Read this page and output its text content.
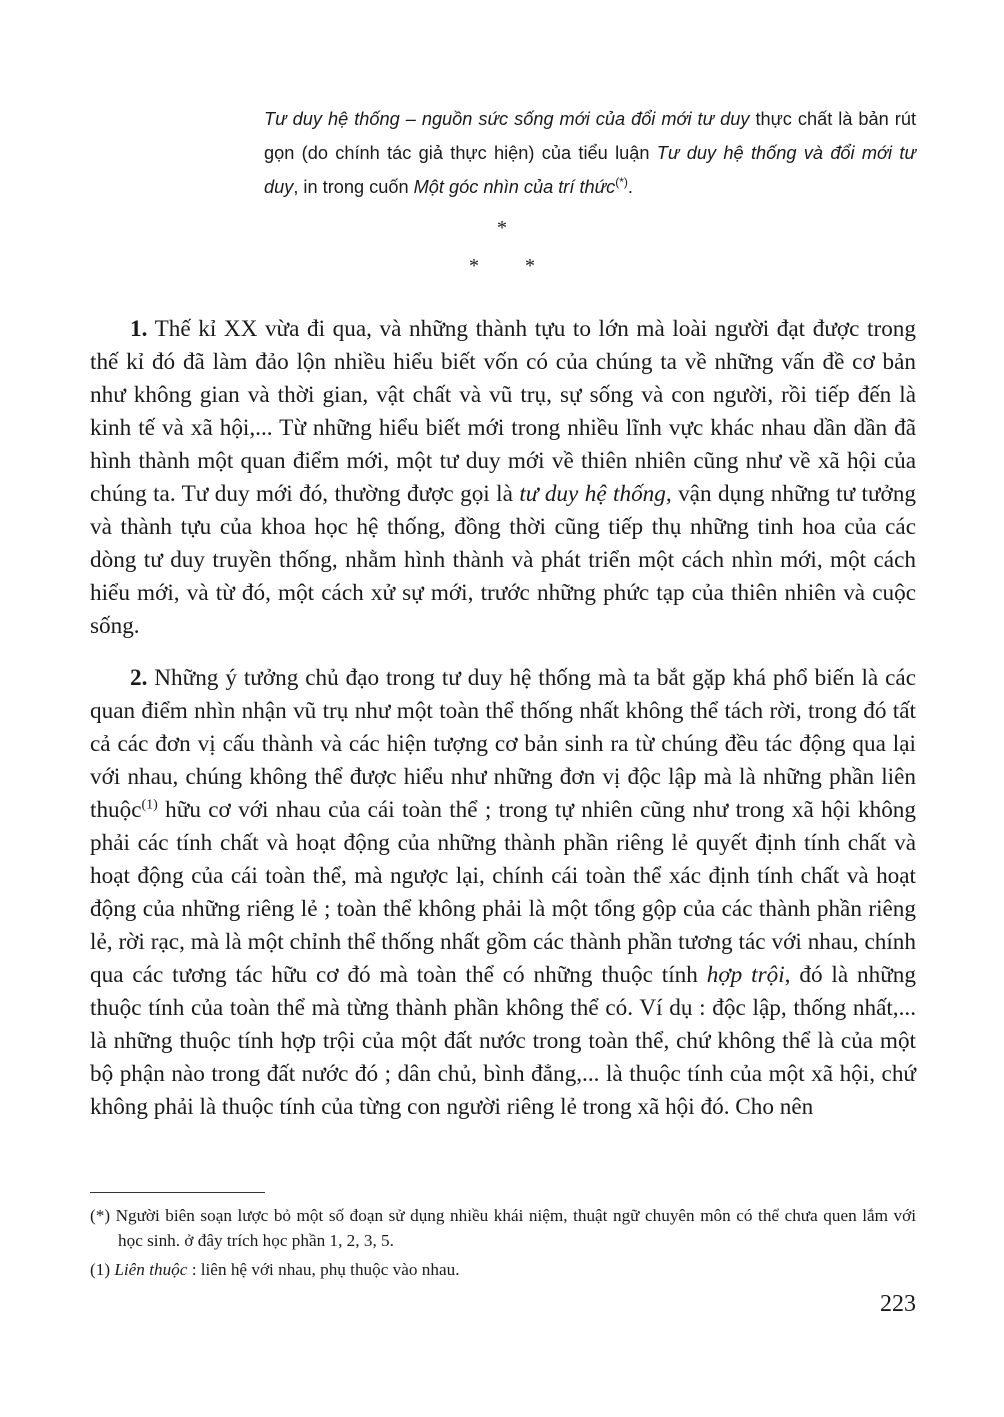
Tư duy hệ thống – nguồn sức sống mới của đổi mới tư duy thực chất là bản rút gọn (do chính tác giả thực hiện) của tiểu luận Tư duy hệ thống và đổi mới tư duy, in trong cuốn Một góc nhìn của trí thức(*).
*
* *

1. Thế kỉ XX vừa đi qua, và những thành tựu to lớn mà loài người đạt được trong thế kỉ đó đã làm đảo lộn nhiều hiểu biết vốn có của chúng ta về những vấn đề cơ bản như không gian và thời gian, vật chất và vũ trụ, sự sống và con người, rồi tiếp đến là kinh tế và xã hội,... Từ những hiểu biết mới trong nhiều lĩnh vực khác nhau dần dần đã hình thành một quan điểm mới, một tư duy mới về thiên nhiên cũng như về xã hội của chúng ta. Tư duy mới đó, thường được gọi là tư duy hệ thống, vận dụng những tư tưởng và thành tựu của khoa học hệ thống, đồng thời cũng tiếp thụ những tinh hoa của các dòng tư duy truyền thống, nhằm hình thành và phát triển một cách nhìn mới, một cách hiểu mới, và từ đó, một cách xử sự mới, trước những phức tạp của thiên nhiên và cuộc sống.

2. Những ý tưởng chủ đạo trong tư duy hệ thống mà ta bắt gặp khá phổ biến là các quan điểm nhìn nhận vũ trụ như một toàn thể thống nhất không thể tách rời, trong đó tất cả các đơn vị cấu thành và các hiện tượng cơ bản sinh ra từ chúng đều tác động qua lại với nhau, chúng không thể được hiểu như những đơn vị độc lập mà là những phần liên thuộc$^{(1)}$ hữu cơ với nhau của cái toàn thể ; trong tự nhiên cũng như trong xã hội không phải các tính chất và hoạt động của những thành phần riêng lẻ quyết định tính chất và hoạt động của cái toàn thể, mà ngược lại, chính cái toàn thể xác định tính chất và hoạt động của những riêng lẻ ; toàn thể không phải là một tổng gộp của các thành phần riêng lẻ, rời rạc, mà là một chỉnh thể thống nhất gồm các thành phần tương tác với nhau, chính qua các tương tác hữu cơ đó mà toàn thể có những thuộc tính hợp trội, đó là những thuộc tính của toàn thể mà từng thành phần không thể có. Ví dụ : độc lập, thống nhất,... là những thuộc tính hợp trội của một đất nước trong toàn thể, chứ không thể là của một bộ phận nào trong đất nước đó ; dân chủ, bình đẳng,... là thuộc tính của một xã hội, chứ không phải là thuộc tính của từng con người riêng lẻ trong xã hội đó. Cho nên

(*) Người biên soạn lược bỏ một số đoạn sử dụng nhiều khái niệm, thuật ngữ chuyên môn có thể chưa quen lắm với học sinh. ở đây trích học phần 1, 2, 3, 5.

(1) Liên thuộc : liên hệ với nhau, phụ thuộc vào nhau.

223
